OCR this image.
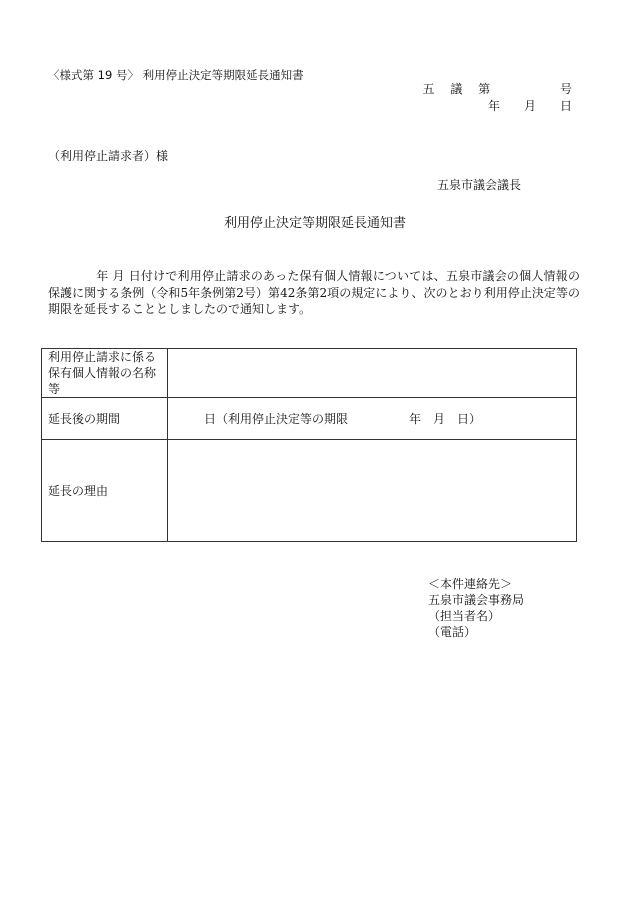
〈様式第 19 号〉 利用停止決定等期限延長通知書
五 議 第　　　 号
年　月　日
（利用停止請求者）様
五泉市議会議長
利用停止決定等期限延長通知書
年 月 日付けで利用停止請求のあった保有個人情報については、五泉市議会の個人情報の保護に関する条例（令和5年条例第2号）第42条第2項の規定により、次のとおり利用停止決定等の期限を延長することとしましたので通知します。
利用停止請求に係る保有個人情報の名称等	

延長後の期間	日（利用停止決定等の期限 年　月　日）
延長の理由	
＜本件連絡先＞
五泉市議会事務局
（担当者名）
（電話）
